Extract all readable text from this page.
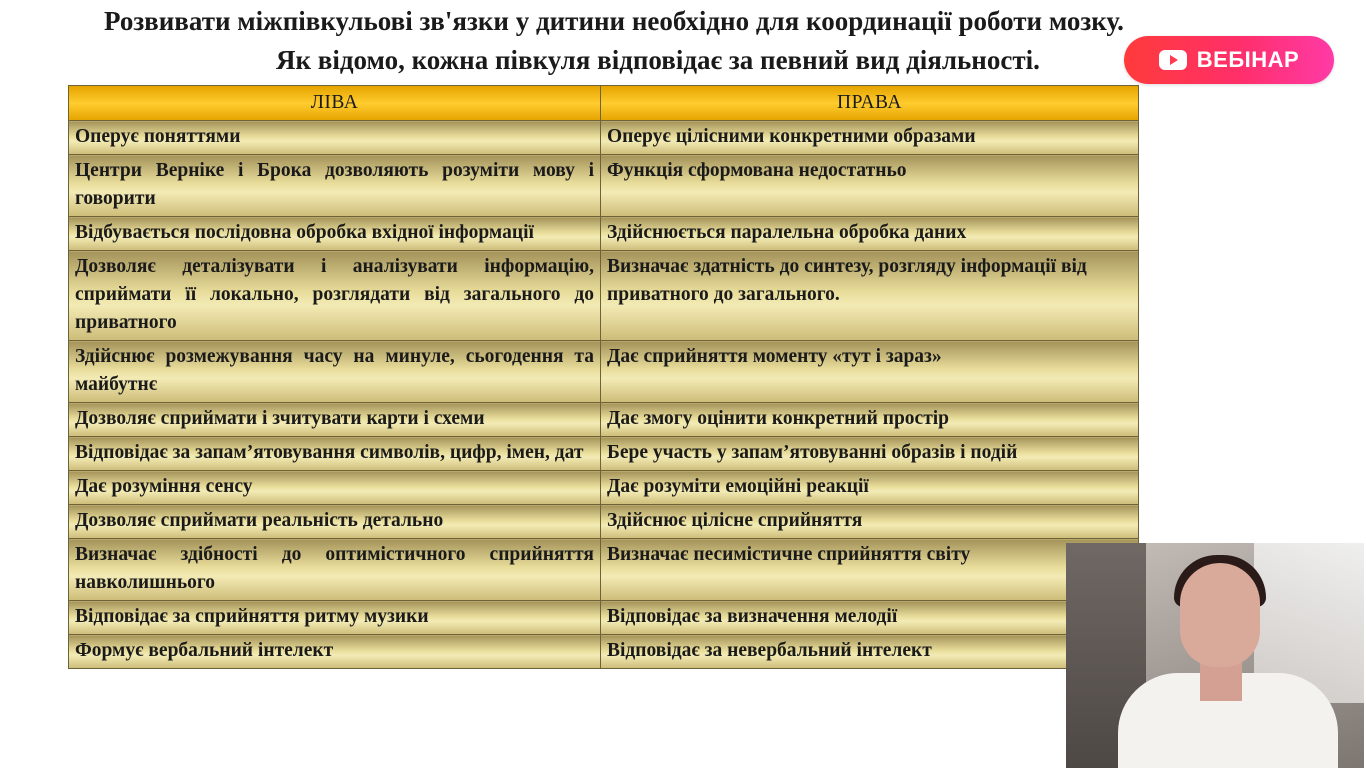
Розвивати міжпівкульові зв'язки у дитини необхідно для координації роботи мозку.
Як відомо, кожна півкуля відповідає за певний вид діяльності.
ЛІВА	ПРАВА
Оперує поняттями	Оперує цілісними конкретними образами
Центри Верніке і Брока дозволяють розуміти мову і говорити	Функція сформована недостатньо
Відбувається послідовна обробка вхідної інформації	Здійснюється паралельна обробка даних
Дозволяє деталізувати і аналізувати інформацію, сприймати її локально, розглядати від загального до приватного	Визначає здатність до синтезу, розгляду інформації від приватного до загального.
Здійснює розмежування часу на минуле, сьогодення та майбутнє	Дає сприйняття моменту «тут і зараз»
Дозволяє сприймати і зчитувати карти і схеми	Дає змогу оцінити конкретний простір
Відповідає за запам’ятовування символів, цифр, імен, дат	Бере участь у запам’ятовуванні образів і подій
Дає розуміння сенсу	Дає розуміти емоційні реакції
Дозволяє сприймати реальність детально	Здійснює цілісне сприйняття
Визначає здібності до оптимістичного сприйняття навколишнього	Визначає песимістичне сприйняття світу
Відповідає за сприйняття ритму музики	Відповідає за визначення мелодії
Формує вербальний інтелект	Відповідає за невербальний інтелект
ВЕБІНАР
